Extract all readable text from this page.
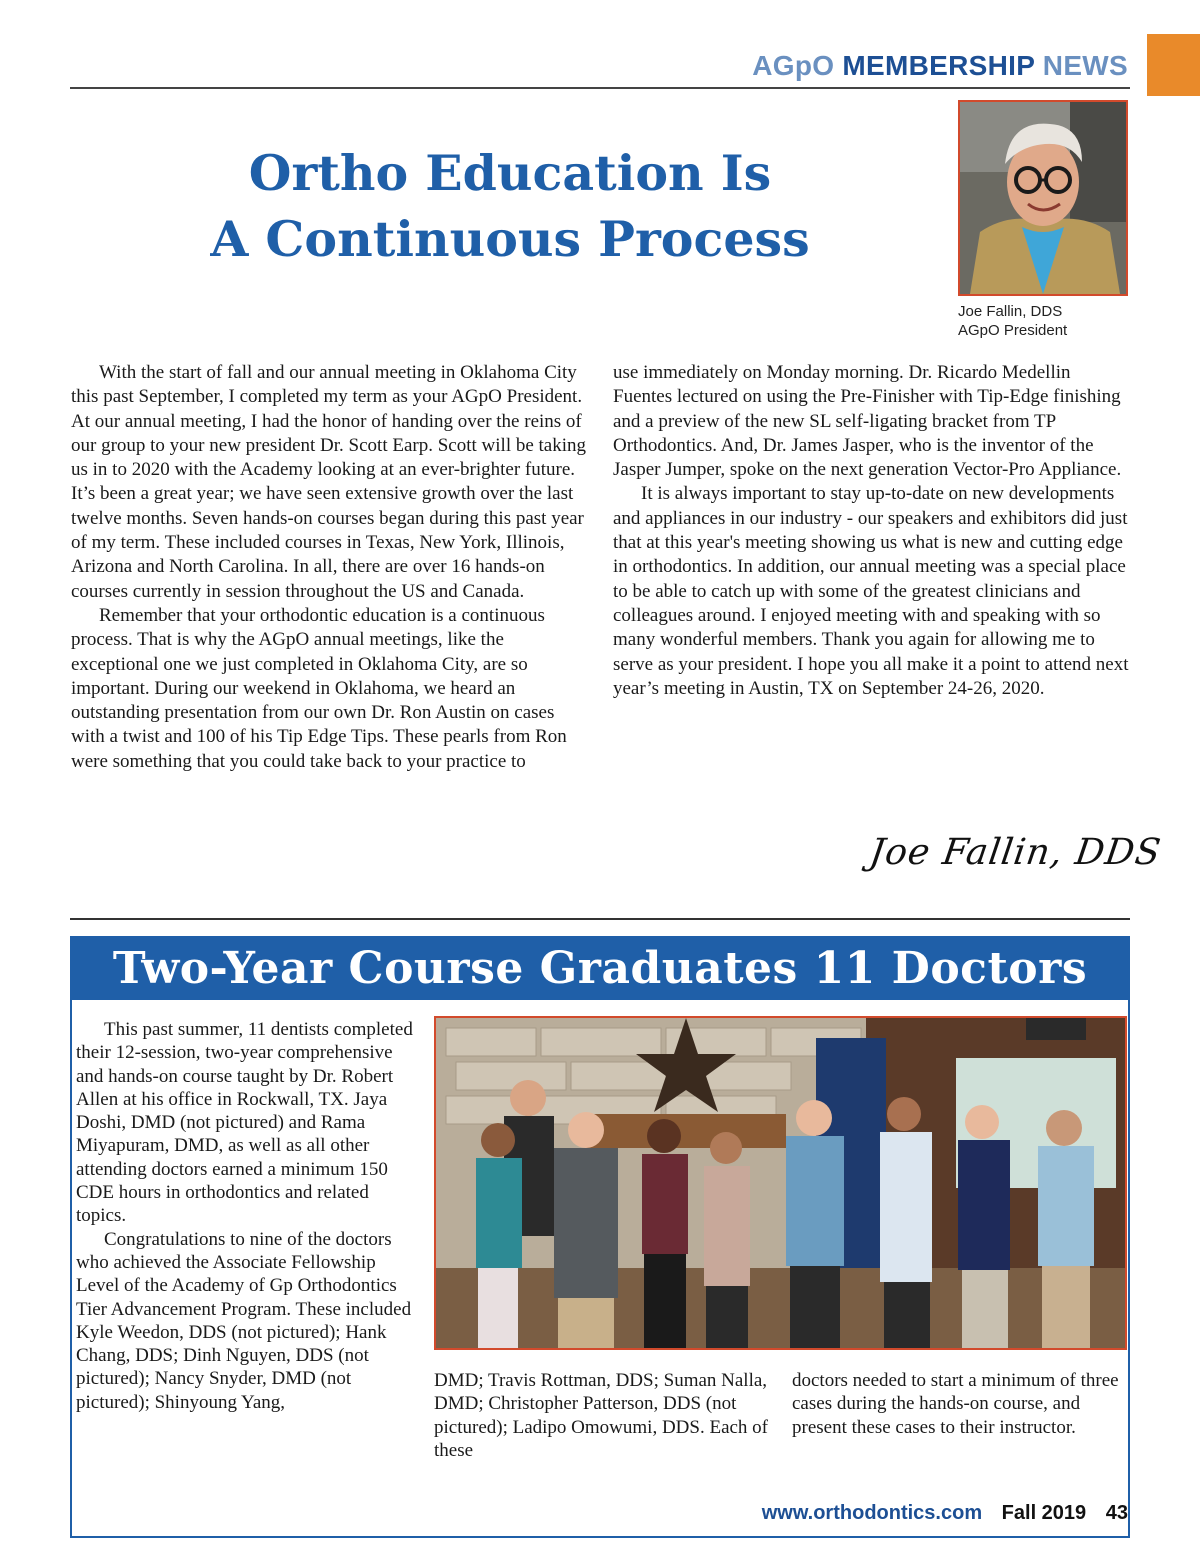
AGpO MEMBERSHIP NEWS
Ortho Education Is
A Continuous Process
Joe Fallin, DDS
AGpO President

With the start of fall and our annual meeting in Oklahoma City this past September, I completed my term as your AGpO President. At our annual meeting, I had the honor of handing over the reins of our group to your new president Dr. Scott Earp. Scott will be taking us in to 2020 with the Academy looking at an ever-brighter future. It’s been a great year; we have seen extensive growth over the last twelve months. Seven hands-on courses began during this past year of my term. These included courses in Texas, New York, Illinois, Arizona and North Carolina. In all, there are over 16 hands-on courses currently in session throughout the US and Canada.

Remember that your orthodontic education is a continuous process. That is why the AGpO annual meetings, like the exceptional one we just completed in Oklahoma City, are so important. During our weekend in Oklahoma, we heard an outstanding presentation from our own Dr. Ron Austin on cases with a twist and 100 of his Tip Edge Tips. These pearls from Ron were something that you could take back to your practice to

use immediately on Monday morning. Dr. Ricardo Medellin Fuentes lectured on using the Pre-Finisher with Tip-Edge finishing and a preview of the new SL self-ligating bracket from TP Orthodontics. And, Dr. James Jasper, who is the inventor of the Jasper Jumper, spoke on the next generation Vector-Pro Appliance.

It is always important to stay up-to-date on new developments and appliances in our industry - our speakers and exhibitors did just that at this year's meeting showing us what is new and cutting edge in orthodontics. In addition, our annual meeting was a special place to be able to catch up with some of the greatest clinicians and colleagues around. I enjoyed meeting with and speaking with so many wonderful members. Thank you again for allowing me to serve as your president. I hope you all make it a point to attend next year’s meeting in Austin, TX on September 24-26, 2020.

Joe Fallin, DDS
Two-Year Course Graduates 11 Doctors

This past summer, 11 dentists completed their 12-session, two-year comprehensive and hands-on course taught by Dr. Robert Allen at his office in Rockwall, TX. Jaya Doshi, DMD (not pictured) and Rama Miyapuram, DMD, as well as all other attending doctors earned a minimum 150 CDE hours in orthodontics and related topics.

Congratulations to nine of the doctors who achieved the Associate Fellowship Level of the Academy of Gp Orthodontics Tier Advancement Program. These included Kyle Weedon, DDS (not pictured); Hank Chang, DDS; Dinh Nguyen, DDS (not pictured); Nancy Snyder, DMD (not pictured); Shinyoung Yang,

DMD; Travis Rottman, DDS; Suman Nalla, DMD; Christopher Patterson, DDS (not pictured); Ladipo Omowumi, DDS. Each of these
doctors needed to start a minimum of three cases during the hands-on course, and present these cases to their instructor.
www.orthodontics.com Fall 2019 43
